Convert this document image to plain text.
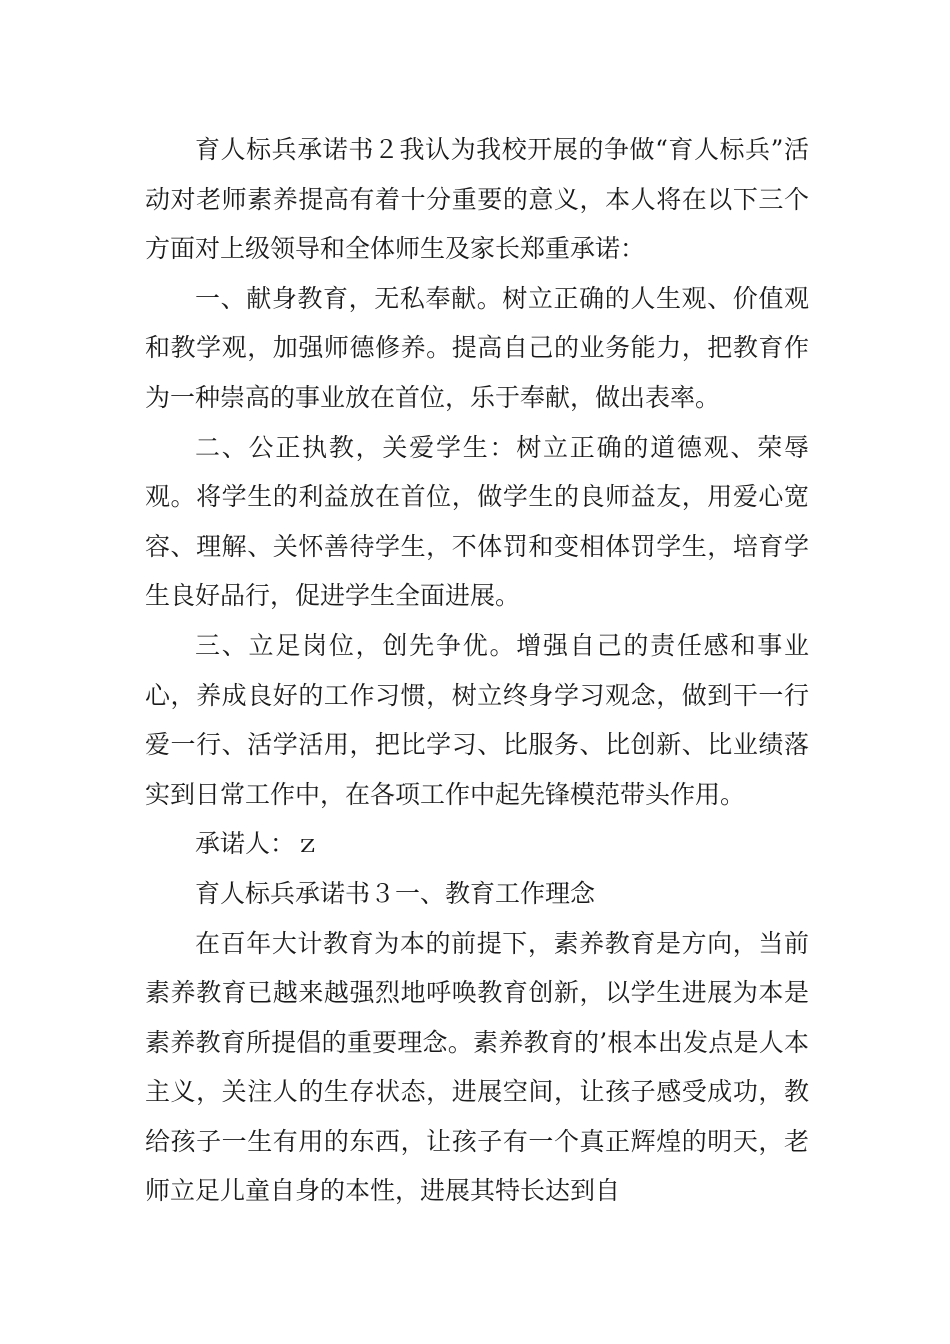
育人标兵承诺书２我认为我校开展的争做“育人标兵”活动对老师素养提高有着十分重要的意义，本人将在以下三个方面对上级领导和全体师生及家长郑重承诺：

一、献身教育，无私奉献。树立正确的人生观、价值观和教学观，加强师德修养。提高自己的业务能力，把教育作为一种崇高的事业放在首位，乐于奉献，做出表率。

二、公正执教，关爱学生：树立正确的道德观、荣辱观。将学生的利益放在首位，做学生的良师益友，用爱心宽容、理解、关怀善待学生，不体罚和变相体罚学生，培育学生良好品行，促进学生全面进展。

三、立足岗位，创先争优。增强自己的责任感和事业心，养成良好的工作习惯，树立终身学习观念，做到干一行爱一行、活学活用，把比学习、比服务、比创新、比业绩落实到日常工作中，在各项工作中起先锋模范带头作用。

承诺人：ｚ

育人标兵承诺书３一、教育工作理念

在百年大计教育为本的前提下，素养教育是方向，当前素养教育已越来越强烈地呼唤教育创新，以学生进展为本是素养教育所提倡的重要理念。素养教育的’根本出发点是人本主义，关注人的生存状态，进展空间，让孩子感受成功，教给孩子一生有用的东西，让孩子有一个真正辉煌的明天，老师立足儿童自身的本性，进展其特长达到自
